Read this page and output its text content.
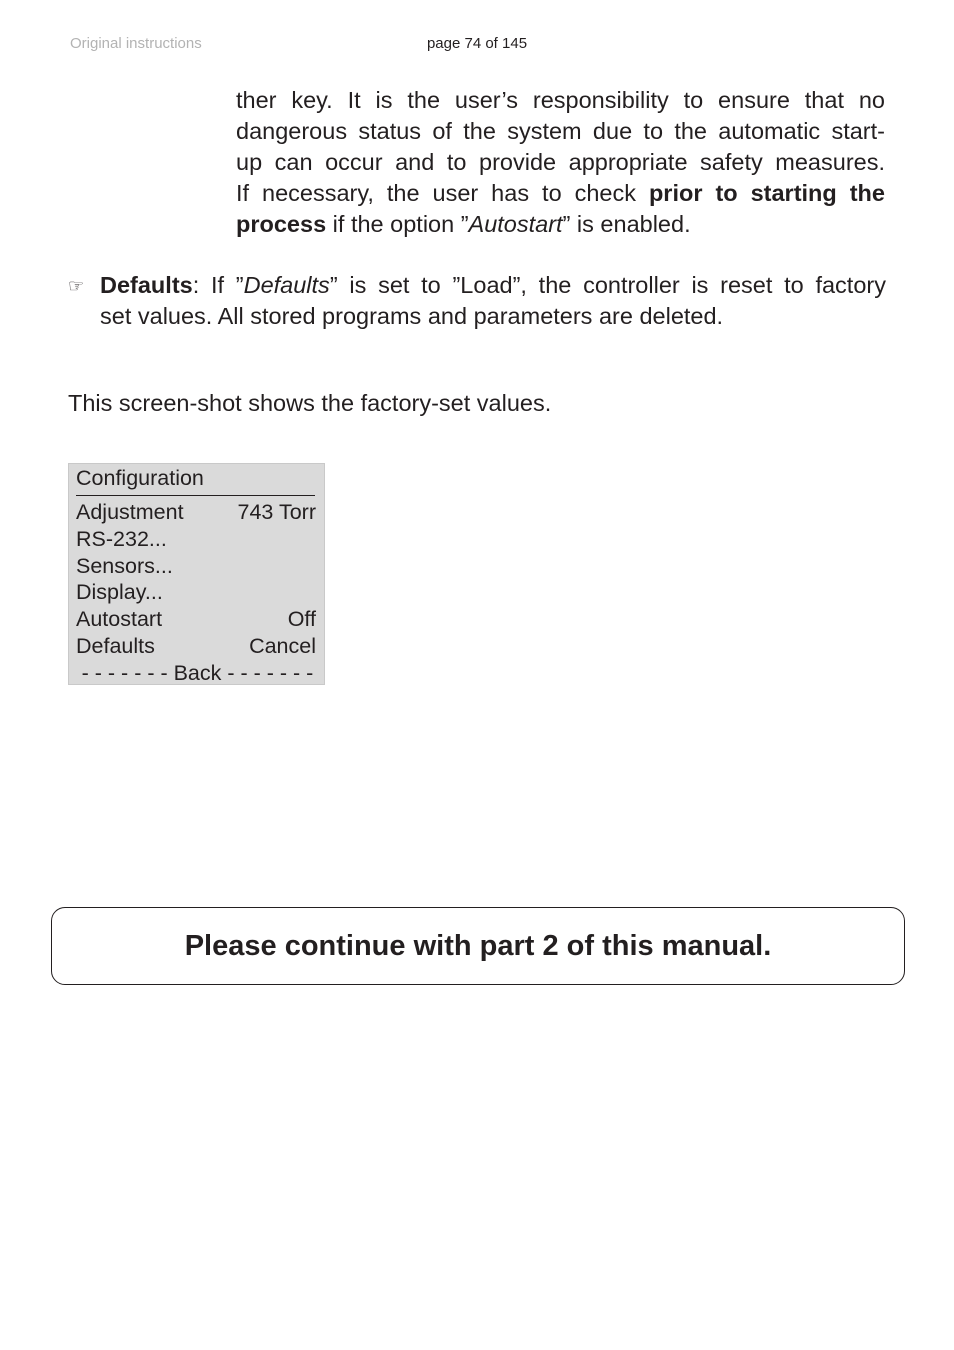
Original instructions	page 74 of 145
ther key. It is the user’s responsibility to ensure that no
dangerous status of the system due to the automatic start-
up can occur and to provide appropriate safety measures.
If necessary, the user has to check prior to starting the
process if the option ”Autostart” is enabled.
☞ Defaults: If ”Defaults” is set to ”Load”, the controller is reset to factory
set values. All stored programs and parameters are deleted.
This screen-shot shows the factory-set values.
Configuration
Adjustment	743 Torr
RS-232...
Sensors...
Display...
Autostart	Off
Defaults	Cancel
- - - - - - - Back - - - - - - -
Please continue with part 2 of this manual.
